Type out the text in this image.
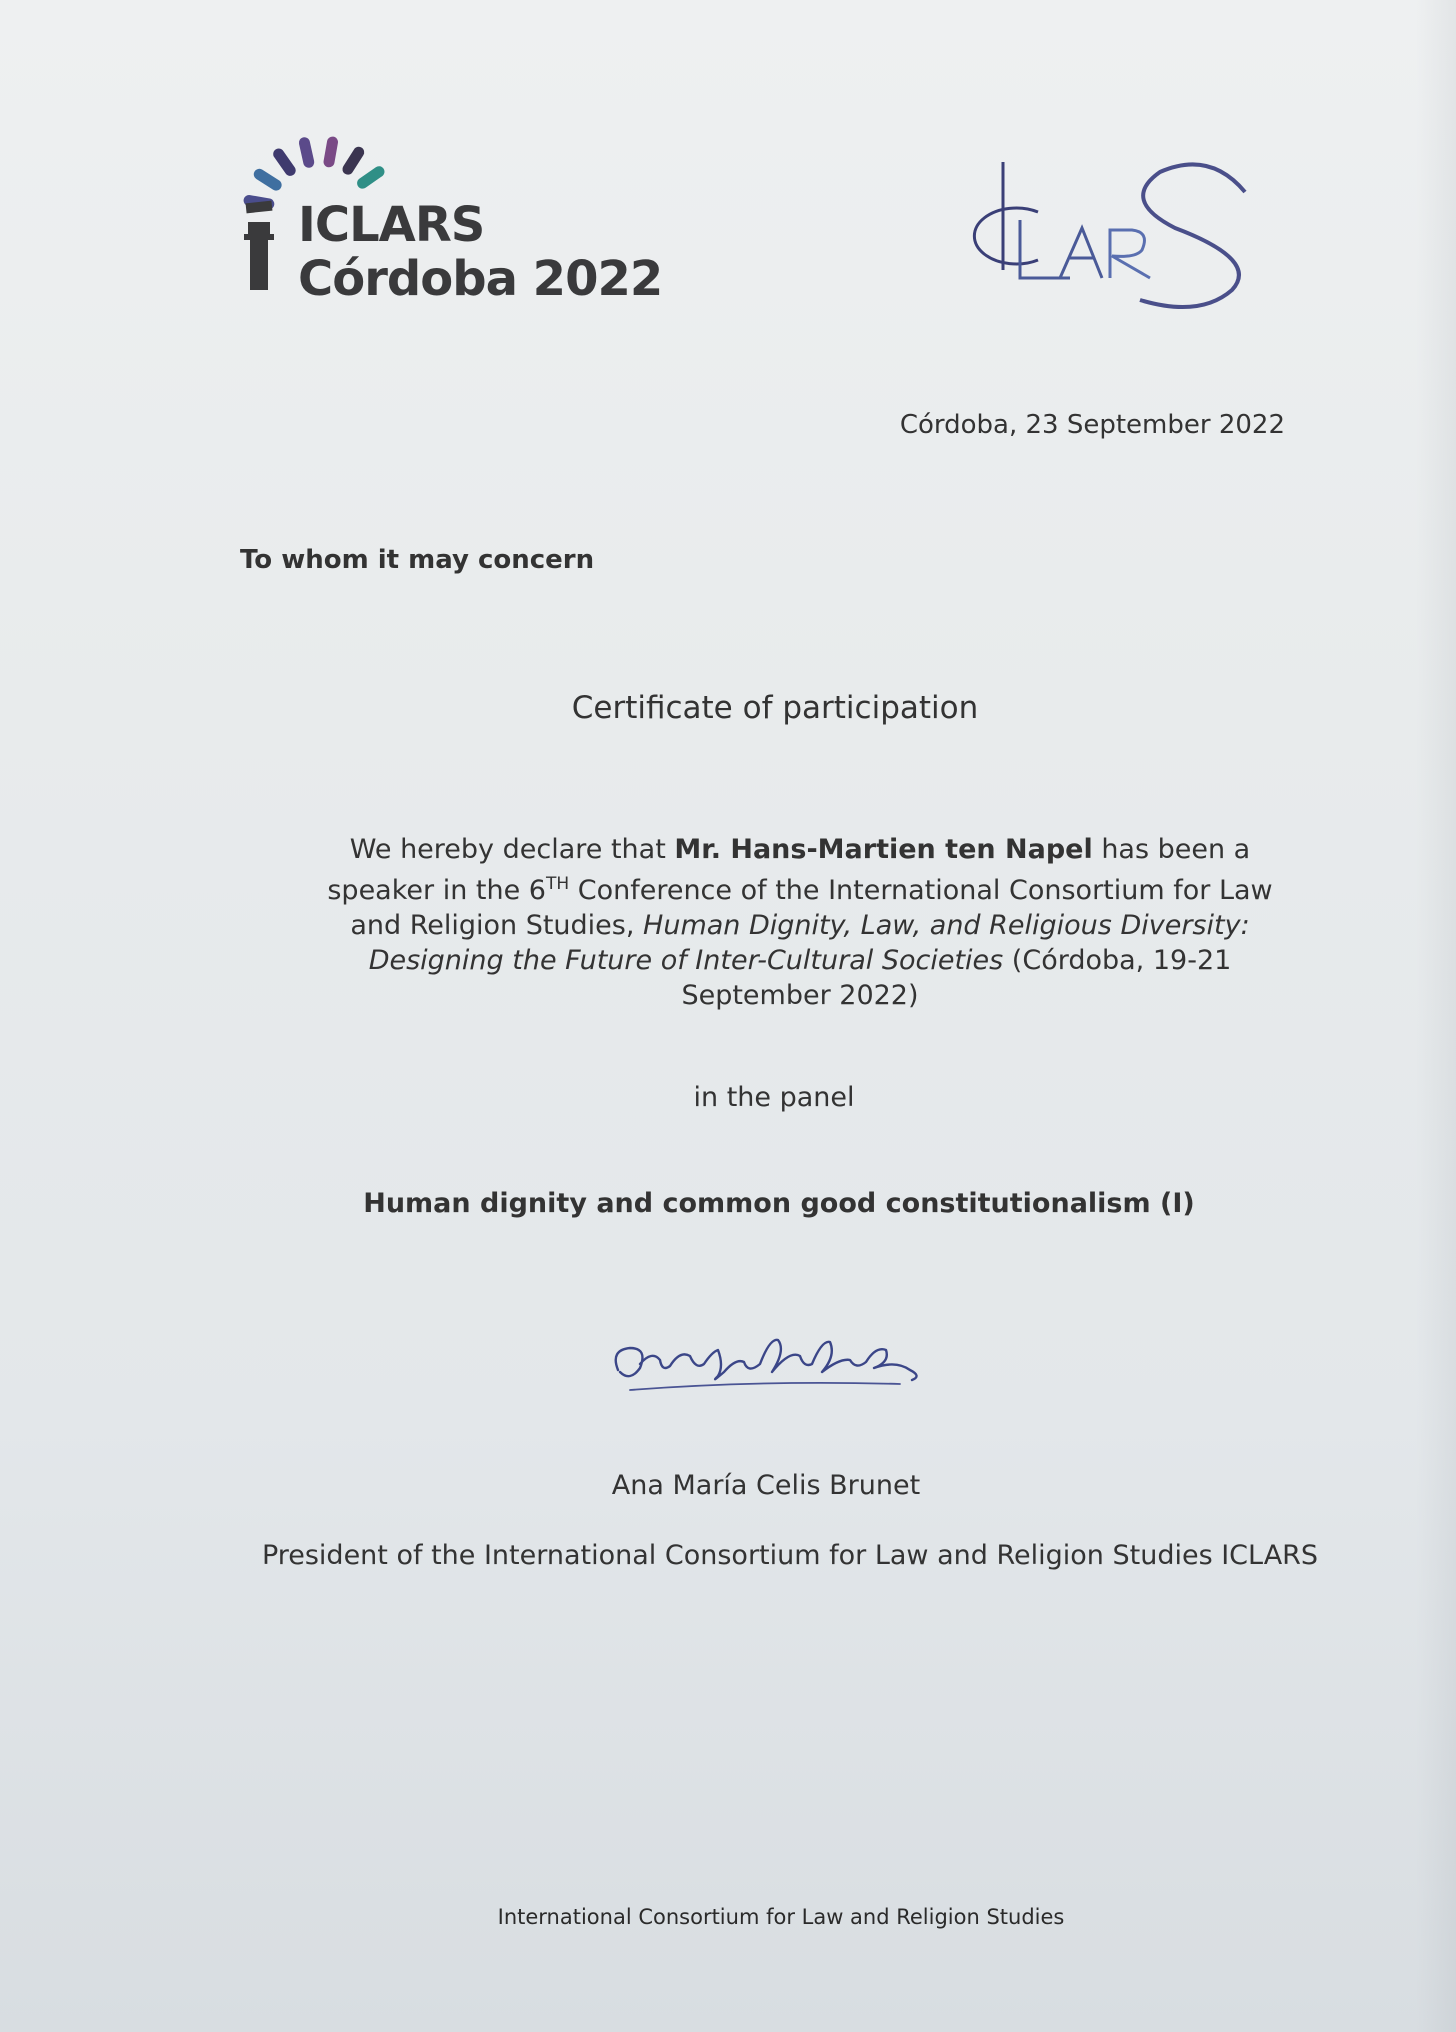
ICLARS
Córdoba 2022
Córdoba, 23 September 2022
To whom it may concern
Certificate of participation
We hereby declare that Mr. Hans-Martien ten Napel has been a speaker in the 6TH Conference of the International Consortium for Law and Religion Studies, Human Dignity, Law, and Religious Diversity: Designing the Future of Inter-Cultural Societies (Córdoba, 19-21 September 2022)
in the panel
Human dignity and common good constitutionalism (I)
Ana María Celis Brunet
President of the International Consortium for Law and Religion Studies ICLARS
International Consortium for Law and Religion Studies
